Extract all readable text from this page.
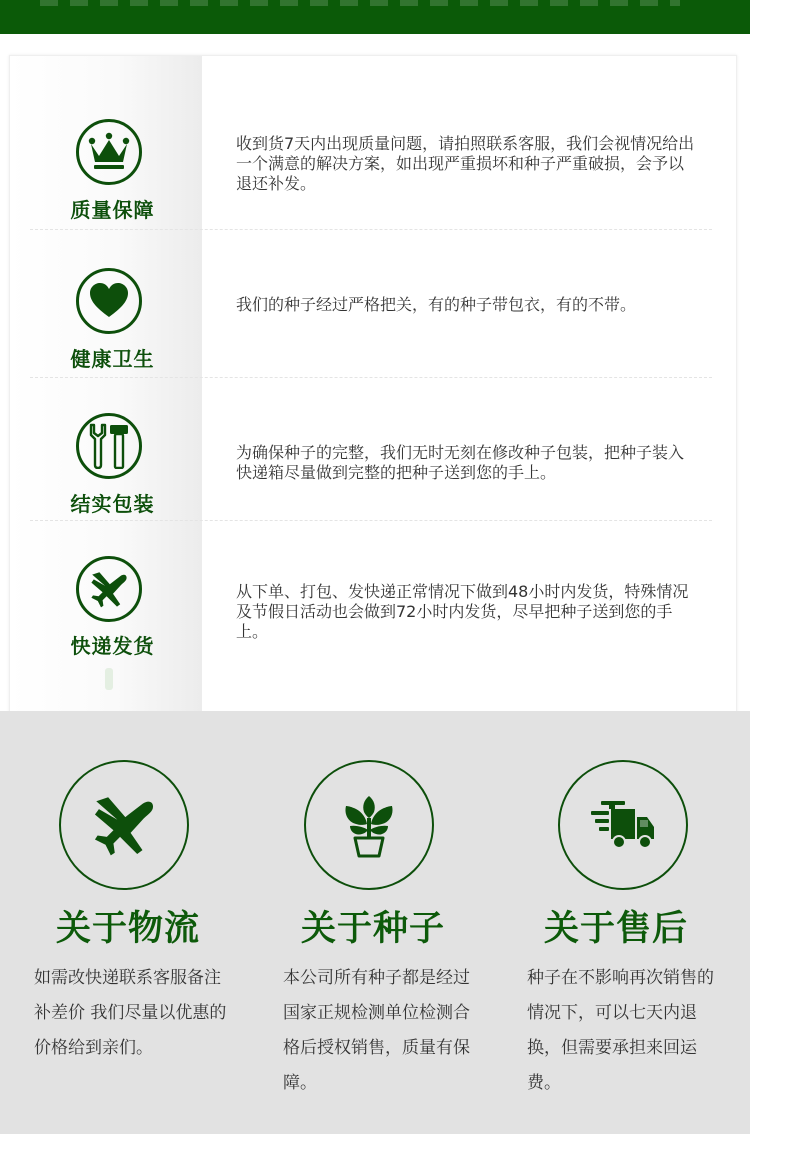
质量保障
收到货7天内出现质量问题，请拍照联系客服，我们会视情况给出一个满意的解决方案，如出现严重损坏和种子严重破损，会予以退还补发。
健康卫生
我们的种子经过严格把关，有的种子带包衣，有的不带。
结实包装
为确保种子的完整，我们无时无刻在修改种子包装，把种子装入快递箱尽量做到完整的把种子送到您的手上。
快递发货
从下单、打包、发快递正常情况下做到48小时内发货，特殊情况及节假日活动也会做到72小时内发货，尽早把种子送到您的手上。
关于物流
如需改快递联系客服备注补差价 我们尽量以优惠的价格给到亲们。
关于种子
本公司所有种子都是经过国家正规检测单位检测合格后授权销售，质量有保障。
关于售后
种子在不影响再次销售的情况下，可以七天内退换，但需要承担来回运费。
